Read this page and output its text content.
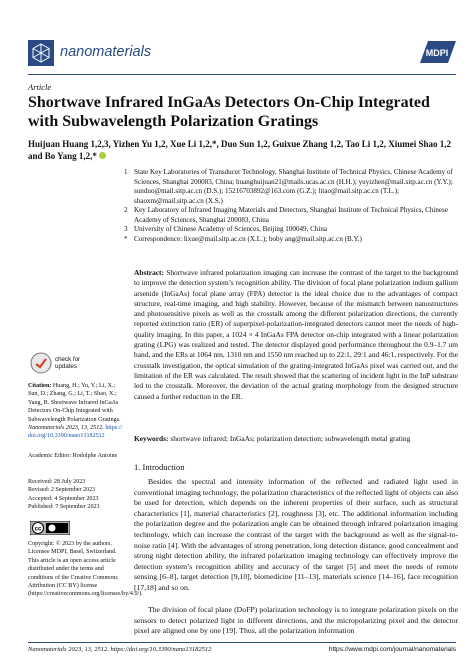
nanomaterials	MDPI
Article
Shortwave Infrared InGaAs Detectors On-Chip Integrated with Subwavelength Polarization Gratings
Huijuan Huang 1,2,3, Yizhen Yu 1,2, Xue Li 1,2,*, Duo Sun 1,2, Guixue Zhang 1,2, Tao Li 1,2, Xiumei Shao 1,2
and Bo Yang 1,2,*
1 State Key Laboratories of Transducer Technology, Shanghai Institute of Technical Physics, Chinese Academy of Sciences, Shanghai 200083, China; huanghuijuan21@mails.ucas.ac.cn (H.H.); yuyizhen@mail.sitp.ac.cn (Y.Y.); sunduo@mail.sitp.ac.cn (D.S.); 15216703892@163.com (G.Z.); litao@mail.sitp.ac.cn (T.L.); shaoxm@mail.sitp.ac.cn (X.S.)
2 Key Laboratory of Infrared Imaging Materials and Detectors, Shanghai Institute of Technical Physics, Chinese Academy of Sciences, Shanghai 200083, China
3 University of Chinese Academy of Sciences, Beijing 100049, China
* Correspondence: lixue@mail.sitp.ac.cn (X.L.); boby ang@mail.sitp.ac.cn (B.Y.)
Abstract: Shortwave infrared polarization imaging can increase the contrast of the target to the background to improve the detection system’s recognition ability. The division of focal plane polarization indium gallium arsenide (InGaAs) focal plane array (FPA) detector is the ideal choice due to the advantages of compact structure, real-time imaging, and high stability. However, because of the mismatch between nanostructures and photosensitive pixels as well as the crosstalk among the different polarization directions, the currently reported extinction ratio (ER) of superpixel-polarization-integrated detectors cannot meet the needs of high-quality imaging. In this paper, a 1024 × 4 InGaAs FPA detector on-chip integrated with a linear polarization grating (LPG) was realized and tested. The detector displayed good performance throughout the 0.9–1.7 um band, and the ERs at 1064 nm, 1310 nm and 1550 nm reached up to 22:1, 29:1 and 46:1, respectively. For the crosstalk investigation, the optical simulation of the grating-integrated InGaAs pixel was carried out, and the limitation of the ER was calculated. The result showed that the scattering of incident light in the InP substrate led to the crosstalk. Moreover, the deviation of the actual grating morphology from the designed structure caused a further reduction in the ER.
Keywords: shortwave infrared; InGaAs; polarization detection; subwavelength metal grating
check for updates
Citation: Huang, H.; Yu, Y.; Li, X.; Sun, D.; Zhang, G.; Li, T.; Shao, X.; Yang, B. Shortwave Infrared InGaAs Detectors On-Chip Integrated with Subwavelength Polarization Gratings. Nanomaterials 2023, 13, 2512. https://doi.org/10.3390/nano13182512
Academic Editor: Rodolphe Antoine
Received: 28 July 2023
Revised: 2 September 2023
Accepted: 4 September 2023
Published: 7 September 2023
cc
Copyright: © 2023 by the authors. Licensee MDPI, Basel, Switzerland. This article is an open access article distributed under the terms and conditions of the Creative Commons Attribution (CC BY) license (https://creativecommons.org/licenses/by/4.0/).
1. Introduction
Besides the spectral and intensity information of the reflected and radiated light used in conventional imaging technology, the polarization characteristics of the reflected light of objects can also be used for detection, which depends on the inherent properties of their surface, such as structural characteristics [1], material characteristics [2], roughness [3], etc. The additional information including the polarization degree and the polarization angle can be obtained through infrared polarization imaging technology, which can increase the contrast of the target with the background as well as the signal-to-noise ratio [4]. With the advantages of strong penetration, long detection distance, good concealment and strong night detection ability, the infrared polarization imaging technology can effectively improve the detection system’s recognition ability and accuracy of the target [5] and meet the needs of remote sensing [6–8], target detection [9,10], biomedicine [11–13], materials science [14–16], face recognition [17,18] and so on.
The division of focal plane (DoFP) polarization technology is to integrate polarization pixels on the sensors to detect polarized light in different directions, and the micropolarizing pixel and the detector pixel are aligned one by one [19]. Thus, all the polarization information
Nanomaterials 2023, 13, 2512. https://doi.org/10.3390/nano13182512	https://www.mdpi.com/journal/nanomaterials
